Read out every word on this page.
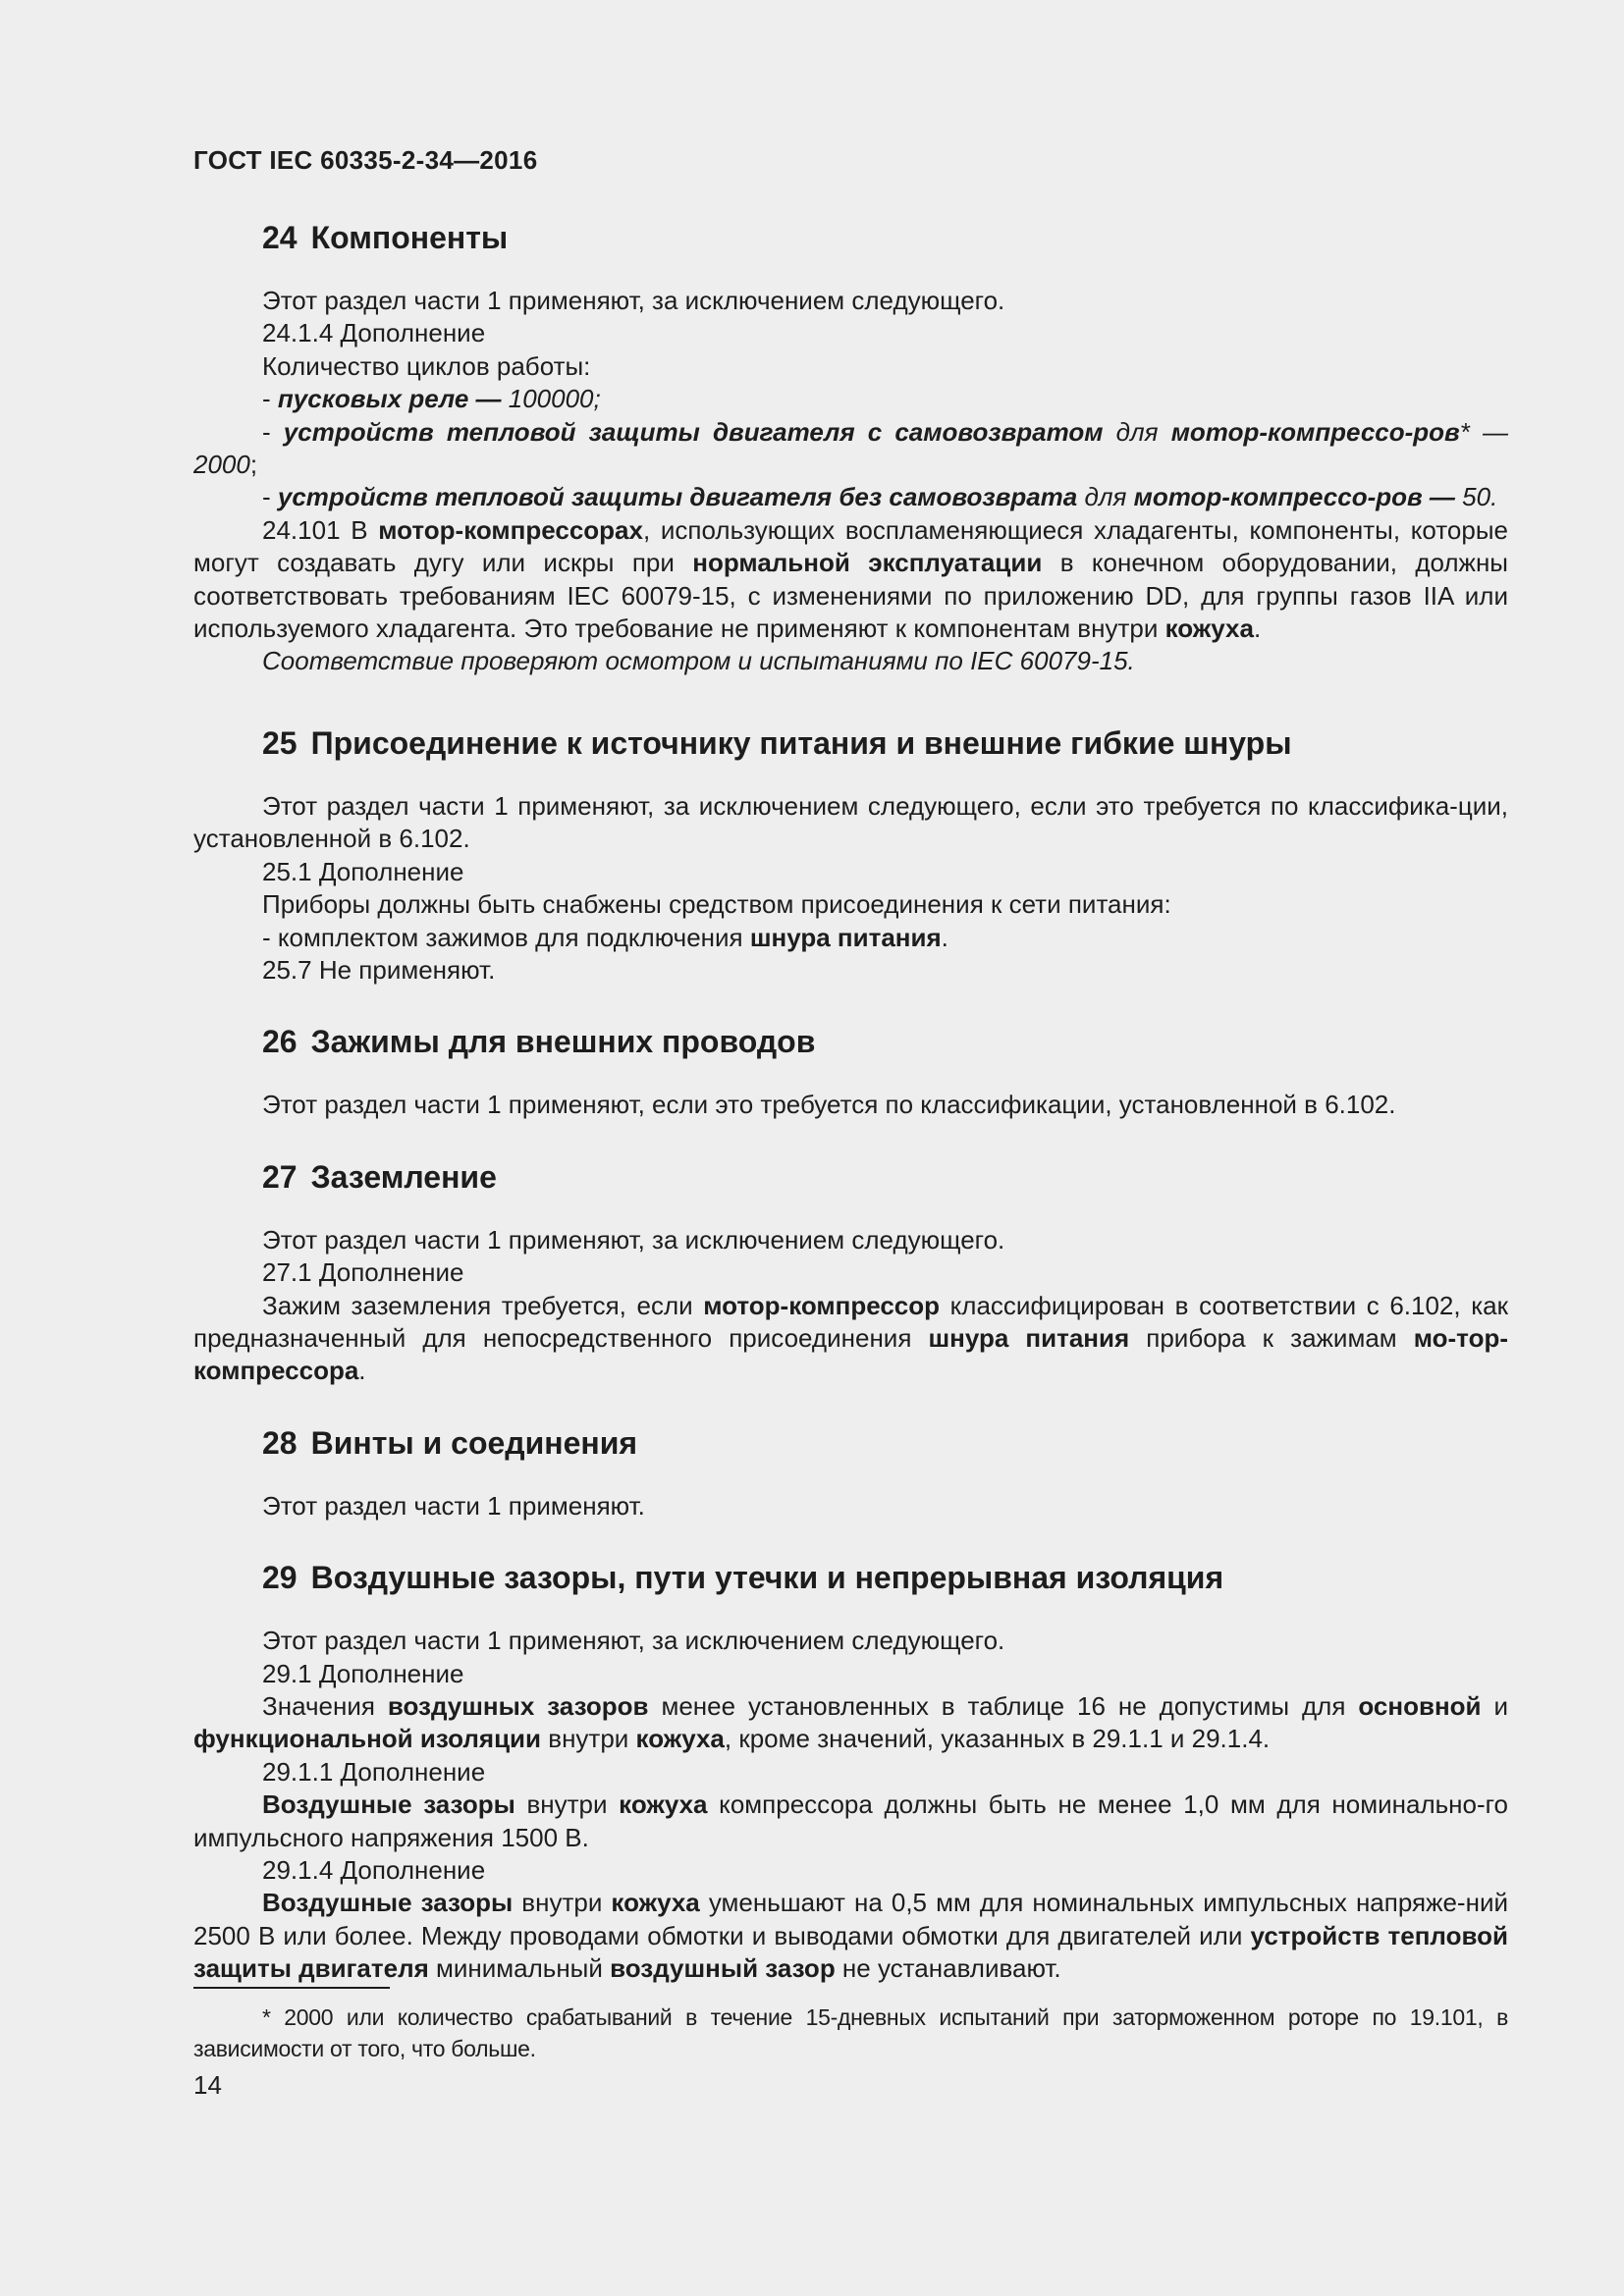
ГОСТ IEC 60335-2-34—2016
24 Компоненты

Этот раздел части 1 применяют, за исключением следующего.

24.1.4 Дополнение

Количество циклов работы:

- пусковых реле — 100000;

- устройств тепловой защиты двигателя с самовозвратом для мотор-компрессо-ров* — 2000;

- устройств тепловой защиты двигателя без самовозврата для мотор-компрессо-ров — 50.

24.101 В мотор-компрессорах, использующих воспламеняющиеся хладагенты, компоненты, которые могут создавать дугу или искры при нормальной эксплуатации в конечном оборудовании, должны соответствовать требованиям IEC 60079-15, с изменениями по приложению DD, для группы газов IIA или используемого хладагента. Это требование не применяют к компонентам внутри кожуха.

Соответствие проверяют осмотром и испытаниями по IEC 60079-15.

25 Присоединение к источнику питания и внешние гибкие шнуры

Этот раздел части 1 применяют, за исключением следующего, если это требуется по классифика-ции, установленной в 6.102.

25.1 Дополнение

Приборы должны быть снабжены средством присоединения к сети питания:

- комплектом зажимов для подключения шнура питания.

25.7 Не применяют.

26 Зажимы для внешних проводов

Этот раздел части 1 применяют, если это требуется по классификации, установленной в 6.102.

27 Заземление

Этот раздел части 1 применяют, за исключением следующего.

27.1 Дополнение

Зажим заземления требуется, если мотор-компрессор классифицирован в соответствии с 6.102, как предназначенный для непосредственного присоединения шнура питания прибора к зажимам мо-тор-компрессора.

28 Винты и соединения

Этот раздел части 1 применяют.

29 Воздушные зазоры, пути утечки и непрерывная изоляция

Этот раздел части 1 применяют, за исключением следующего.

29.1 Дополнение

Значения воздушных зазоров менее установленных в таблице 16 не допустимы для основной и функциональной изоляции внутри кожуха, кроме значений, указанных в 29.1.1 и 29.1.4.

29.1.1 Дополнение

Воздушные зазоры внутри кожуха компрессора должны быть не менее 1,0 мм для номинально-го импульсного напряжения 1500 В.

29.1.4 Дополнение

Воздушные зазоры внутри кожуха уменьшают на 0,5 мм для номинальных импульсных напряже-ний 2500 В или более. Между проводами обмотки и выводами обмотки для двигателей или устройств тепловой защиты двигателя минимальный воздушный зазор не устанавливают.

* 2000 или количество срабатываний в течение 15-дневных испытаний при заторможенном роторе по 19.101, в зависимости от того, что больше.

14
